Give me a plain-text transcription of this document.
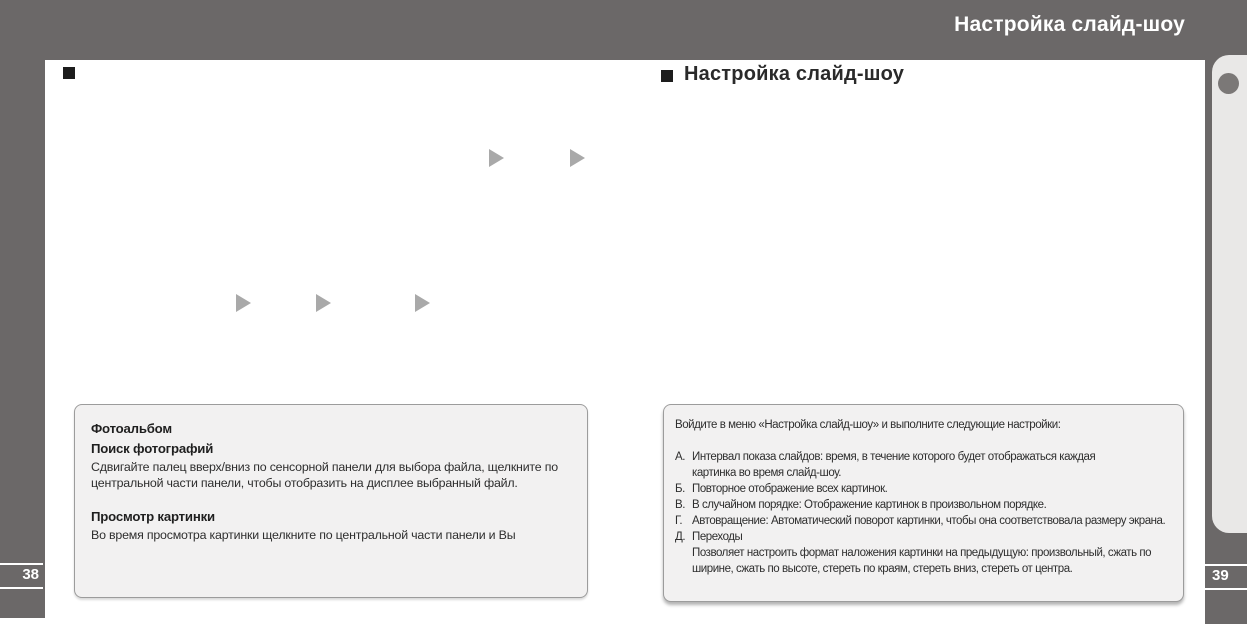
Настройка слайд-шоу
38	39
Настройка слайд-шоу
Фотоальбом
Поиск фотографий

Сдвигайте палец вверх/вниз по сенсорной панели для выбора файла, щелкните по центральной части панели, чтобы отобразить на дисплее выбранный файл.

Просмотр картинки

Во время просмотра картинки щелкните по центральной части панели и Вы

Войдите в меню «Настройка слайд-шоу» и выполните следующие настройки:
А. Интервал показа слайдов: время, в течение которого будет отображаться каждая
картинка во время слайд-шоу.
Б. Повторное отображение всех картинок.
В. В случайном порядке: Отображение картинок в произвольном порядке.
Г. Автовращение: Автоматический поворот картинки, чтобы она соответствовала размеру экрана.
Д. Переходы
Позволяет настроить формат наложения картинки на предыдущую: произвольный, сжать по ширине, сжать по высоте, стереть по краям, стереть вниз, стереть от центра.
